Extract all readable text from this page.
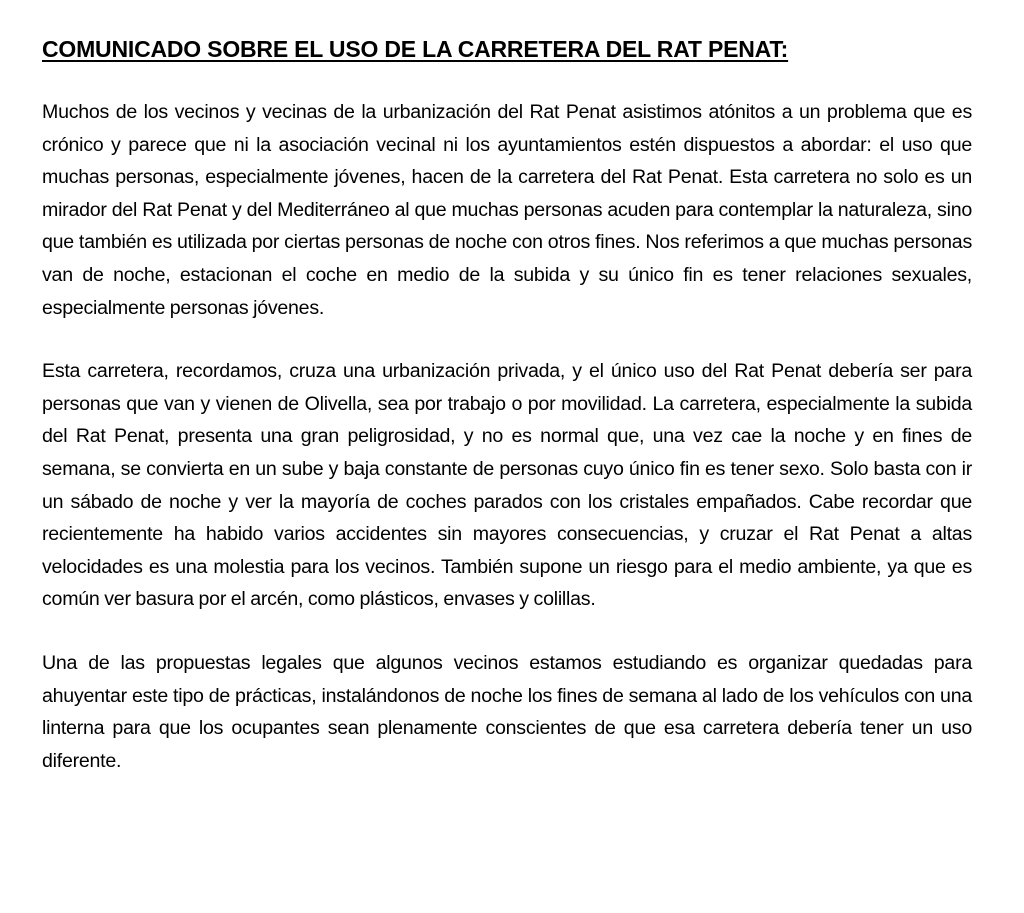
COMUNICADO SOBRE EL USO DE LA CARRETERA DEL RAT PENAT:

Muchos de los vecinos y vecinas de la urbanización del Rat Penat asistimos atónitos a un problema que es crónico y parece que ni la asociación vecinal ni los ayuntamientos estén dispuestos a abordar: el uso que muchas personas, especialmente jóvenes, hacen de la carretera del Rat Penat. Esta carretera no solo es un mirador del Rat Penat y del Mediterráneo al que muchas personas acuden para contemplar la naturaleza, sino que también es utilizada por ciertas personas de noche con otros fines. Nos referimos a que muchas personas van de noche, estacionan el coche en medio de la subida y su único fin es tener relaciones sexuales, especialmente personas jóvenes.

Esta carretera, recordamos, cruza una urbanización privada, y el único uso del Rat Penat debería ser para personas que van y vienen de Olivella, sea por trabajo o por movilidad. La carretera, especialmente la subida del Rat Penat, presenta una gran peligrosidad, y no es normal que, una vez cae la noche y en fines de semana, se convierta en un sube y baja constante de personas cuyo único fin es tener sexo. Solo basta con ir un sábado de noche y ver la mayoría de coches parados con los cristales empañados. Cabe recordar que recientemente ha habido varios accidentes sin mayores consecuencias, y cruzar el Rat Penat a altas velocidades es una molestia para los vecinos. También supone un riesgo para el medio ambiente, ya que es común ver basura por el arcén, como plásticos, envases y colillas.

Una de las propuestas legales que algunos vecinos estamos estudiando es organizar quedadas para ahuyentar este tipo de prácticas, instalándonos de noche los fines de semana al lado de los vehículos con una linterna para que los ocupantes sean plenamente conscientes de que esa carretera debería tener un uso diferente.
